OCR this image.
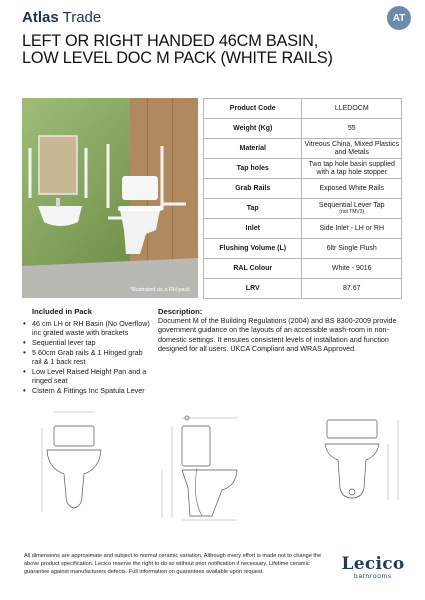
Atlas Trade	AT
LEFT OR RIGHT HANDED 46CM BASIN,
LOW LEVEL DOC M PACK (WHITE RAILS)
*Illustrated as a RH pack
Product Code	LLEDOCM
Weight (Kg)	55
Material	Vitreous China, Mixed Plastics and Metals
Tap holes	Two tap hole basin supplied with a tap hole stopper
Grab Rails	Exposed White Rails
Tap	Sequential Lever Tap
(not TMV3)

Inlet	Side Inlet - LH or RH
Flushing Volume (L)	6ltr Single Flush
RAL Colour	White - 9016
LRV	87.67
Included in Pack
• 46 cm LH or RH Basin (No Overflow) inc grated waste with brackets
• Sequential lever tap
• 5 60cm Grab rails & 1 Hinged grab rail & 1 back rest
• Low Level Raised Height Pan and a ringed seat
• Cistern & Fittings Inc Spatula Lever
Description:

Document M of the Building Regulations (2004) and BS 8300-2009 provide government guidance on the layouts of an accessible wash-room in non-domestic settings. It ensures consistent levels of installation and function designed for all users. UKCA Compliant and WRAS Approved.

All dimensions are approximate and subject to normal ceramic variation. Although every effort is made not to change the above product specification, Lecico reserve the right to do so without prior notification if necessary. Lifetime ceramic guarantee against manufacturers defects. Full information on guarantees available upon request.	Lecico
bathrooms
